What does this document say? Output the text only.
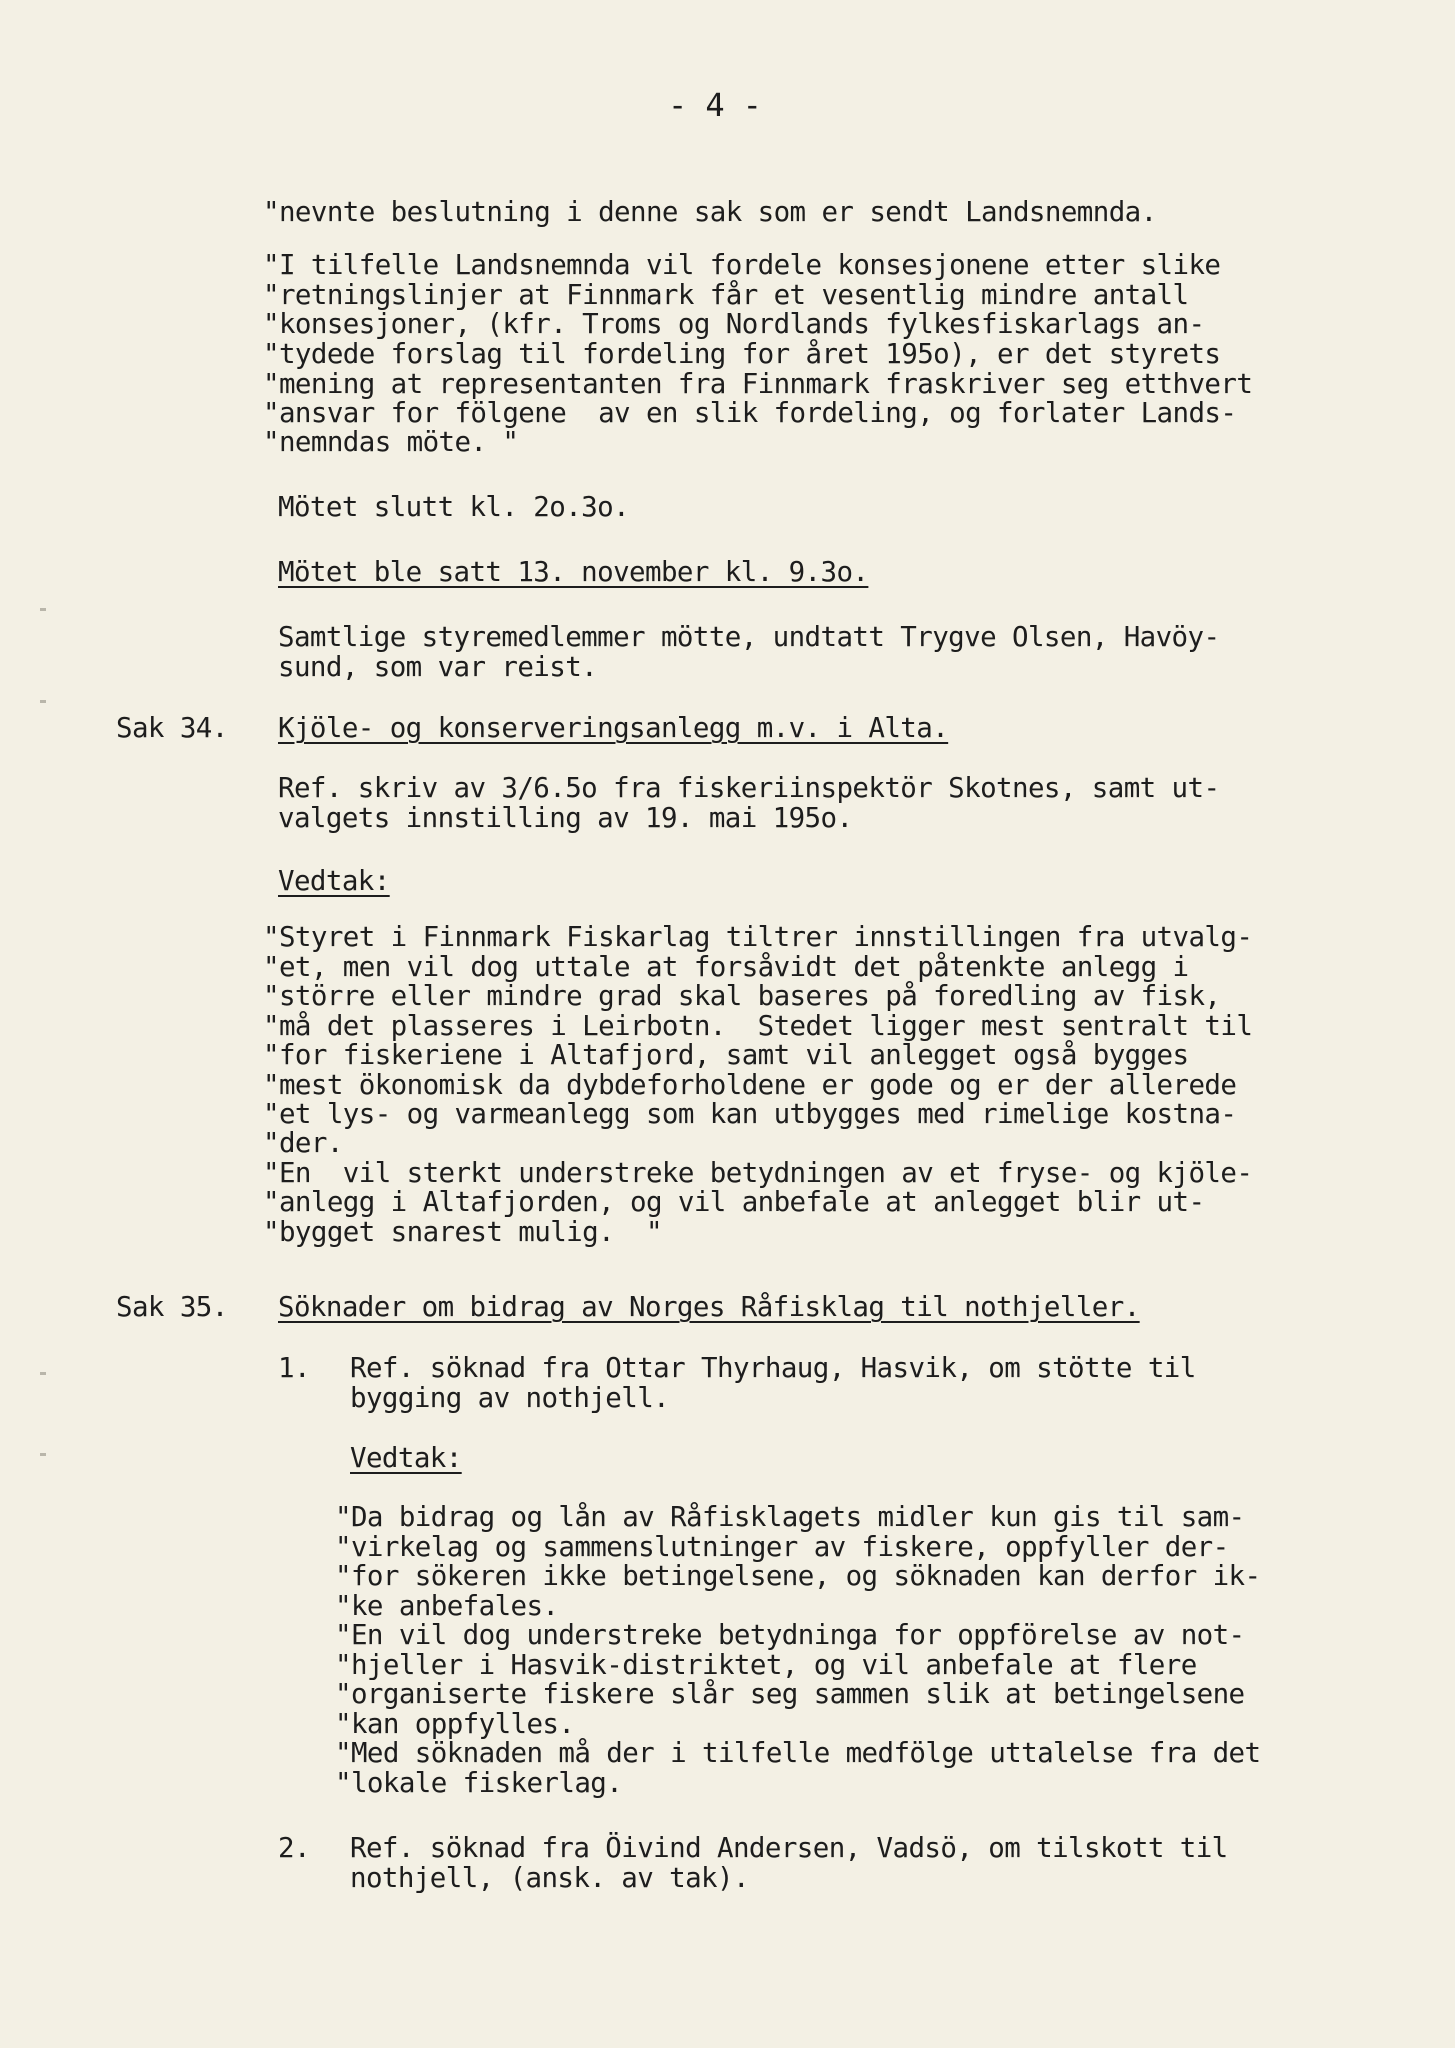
- 4 -
"nevnte beslutning i denne sak som er sendt Landsnemnda.
"I tilfelle Landsnemnda vil fordele konsesjonene etter slike
"retningslinjer at Finnmark får et vesentlig mindre antall
"konsesjoner, (kfr. Troms og Nordlands fylkesfiskarlags an-
"tydede forslag til fordeling for året 195o), er det styrets
"mening at representanten fra Finnmark fraskriver seg etthvert
"ansvar for fölgene  av en slik fordeling, og forlater Lands-
"nemndas möte. "
Mötet slutt kl. 2o.3o.
Mötet ble satt 13. november kl. 9.3o.
Samtlige styremedlemmer mötte, undtatt Trygve Olsen, Havöy-
sund, som var reist.
Sak 34. Kjöle- og konserveringsanlegg m.v. i Alta.
Ref. skriv av 3/6.5o fra fiskeriinspektör Skotnes, samt ut-
valgets innstilling av 19. mai 195o.
Vedtak:
"Styret i Finnmark Fiskarlag tiltrer innstillingen fra utvalg-
"et, men vil dog uttale at forsåvidt det påtenkte anlegg i
"större eller mindre grad skal baseres på foredling av fisk,
"må det plasseres i Leirbotn.  Stedet ligger mest sentralt til
"for fiskeriene i Altafjord, samt vil anlegget også bygges
"mest ökonomisk da dybdeforholdene er gode og er der allerede
"et lys- og varmeanlegg som kan utbygges med rimelige kostna-
"der.
"En  vil sterkt understreke betydningen av et fryse- og kjöle-
"anlegg i Altafjorden, og vil anbefale at anlegget blir ut-
"bygget snarest mulig.  "
Sak 35. Söknader om bidrag av Norges Råfisklag til nothjeller.
1. Ref. söknad fra Ottar Thyrhaug, Hasvik, om stötte til
bygging av nothjell.
Vedtak:
"Da bidrag og lån av Råfisklagets midler kun gis til sam-
"virkelag og sammenslutninger av fiskere, oppfyller der-
"for sökeren ikke betingelsene, og söknaden kan derfor ik-
"ke anbefales.
"En vil dog understreke betydninga for oppförelse av not-
"hjeller i Hasvik-distriktet, og vil anbefale at flere
"organiserte fiskere slår seg sammen slik at betingelsene
"kan oppfylles.
"Med söknaden må der i tilfelle medfölge uttalelse fra det
"lokale fiskerlag.
2. Ref. söknad fra Öivind Andersen, Vadsö, om tilskott til
nothjell, (ansk. av tak).
